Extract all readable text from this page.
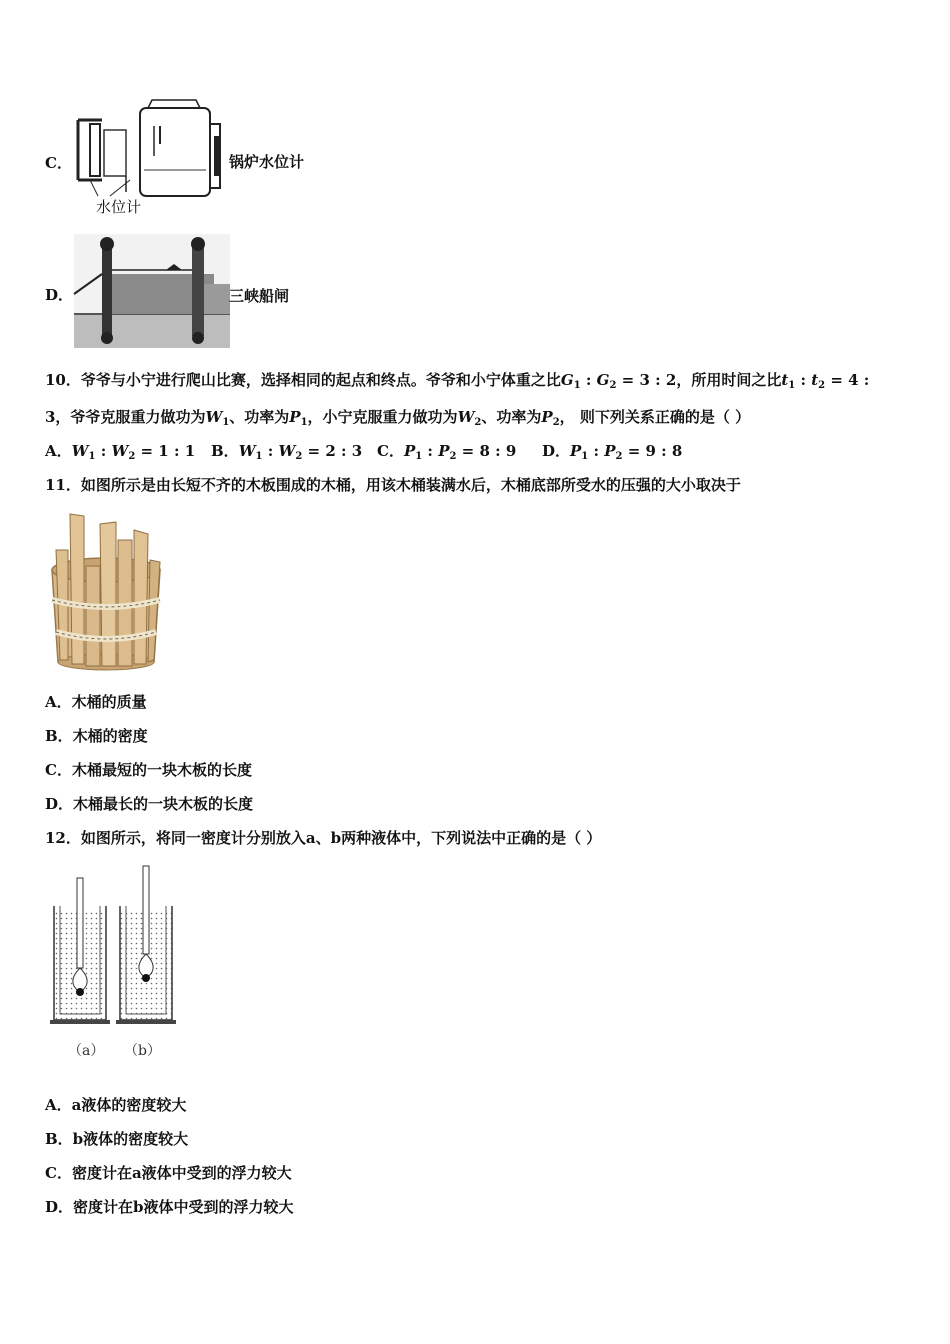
C．
水位计
锅炉水位计
D．	三峡船闸
10．爷爷与小宁进行爬山比赛，选择相同的起点和终点。爷爷和小宁体重之比$G_1$ : $G_2 = 3$ : 2，所用时间之比$t_1$ : $t_2 = 4$ :
3，爷爷克服重力做功为$W_1$、功率为$P_1$，小宁克服重力做功为$W_2$、功率为$P_2$， 则下列关系正确的是（ ）
A．$W_1$ : $W_2 = 1$ : 1 B．$W_1$ : $W_2 = 2$ : 3 C．$P_1$ : $P_2 = 8$ : 9 D．$P_1$ : $P_2 = 9$ : 8
11．如图所示是由长短不齐的木板围成的木桶，用该木桶装满水后，木桶底部所受水的压强的大小取决于
A．木桶的质量
B．木桶的密度
C．木桶最短的一块木板的长度
D．木桶最长的一块木板的长度
12．如图所示，将同一密度计分别放入a、b两种液体中，下列说法中正确的是（ ）
（a） （b）
A．a液体的密度较大
B．b液体的密度较大
C．密度计在a液体中受到的浮力较大
D．密度计在b液体中受到的浮力较大
